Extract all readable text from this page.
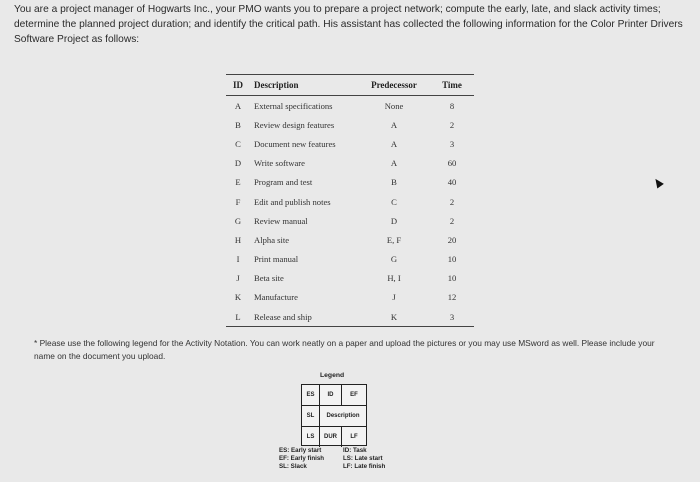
You are a project manager of Hogwarts Inc., your PMO wants you to prepare a project network; compute the early, late, and slack activity times; determine the planned project duration; and identify the critical path. His assistant has collected the following information for the Color Printer Drivers Software Project as follows:
ID	Description	Predecessor	Time
A	External specifications	None	8
B	Review design features	A	2
C	Document new features	A	3
D	Write software	A	60
E	Program and test	B	40
F	Edit and publish notes	C	2
G	Review manual	D	2
H	Alpha site	E, F	20
I	Print manual	G	10
J	Beta site	H, I	10
K	Manufacture	J	12
L	Release and ship	K	3
* Please use the following legend for the Activity Notation. You can work neatly on a paper and upload the pictures or you may use MSword as well. Please include your name on the document you upload.
Legend
ES	ID	EF
SL	Description
LS	DUR	LF
ES: Early start	ID: Task
EF: Early finish	LS: Late start
SL: Slack	LF: Late finish
